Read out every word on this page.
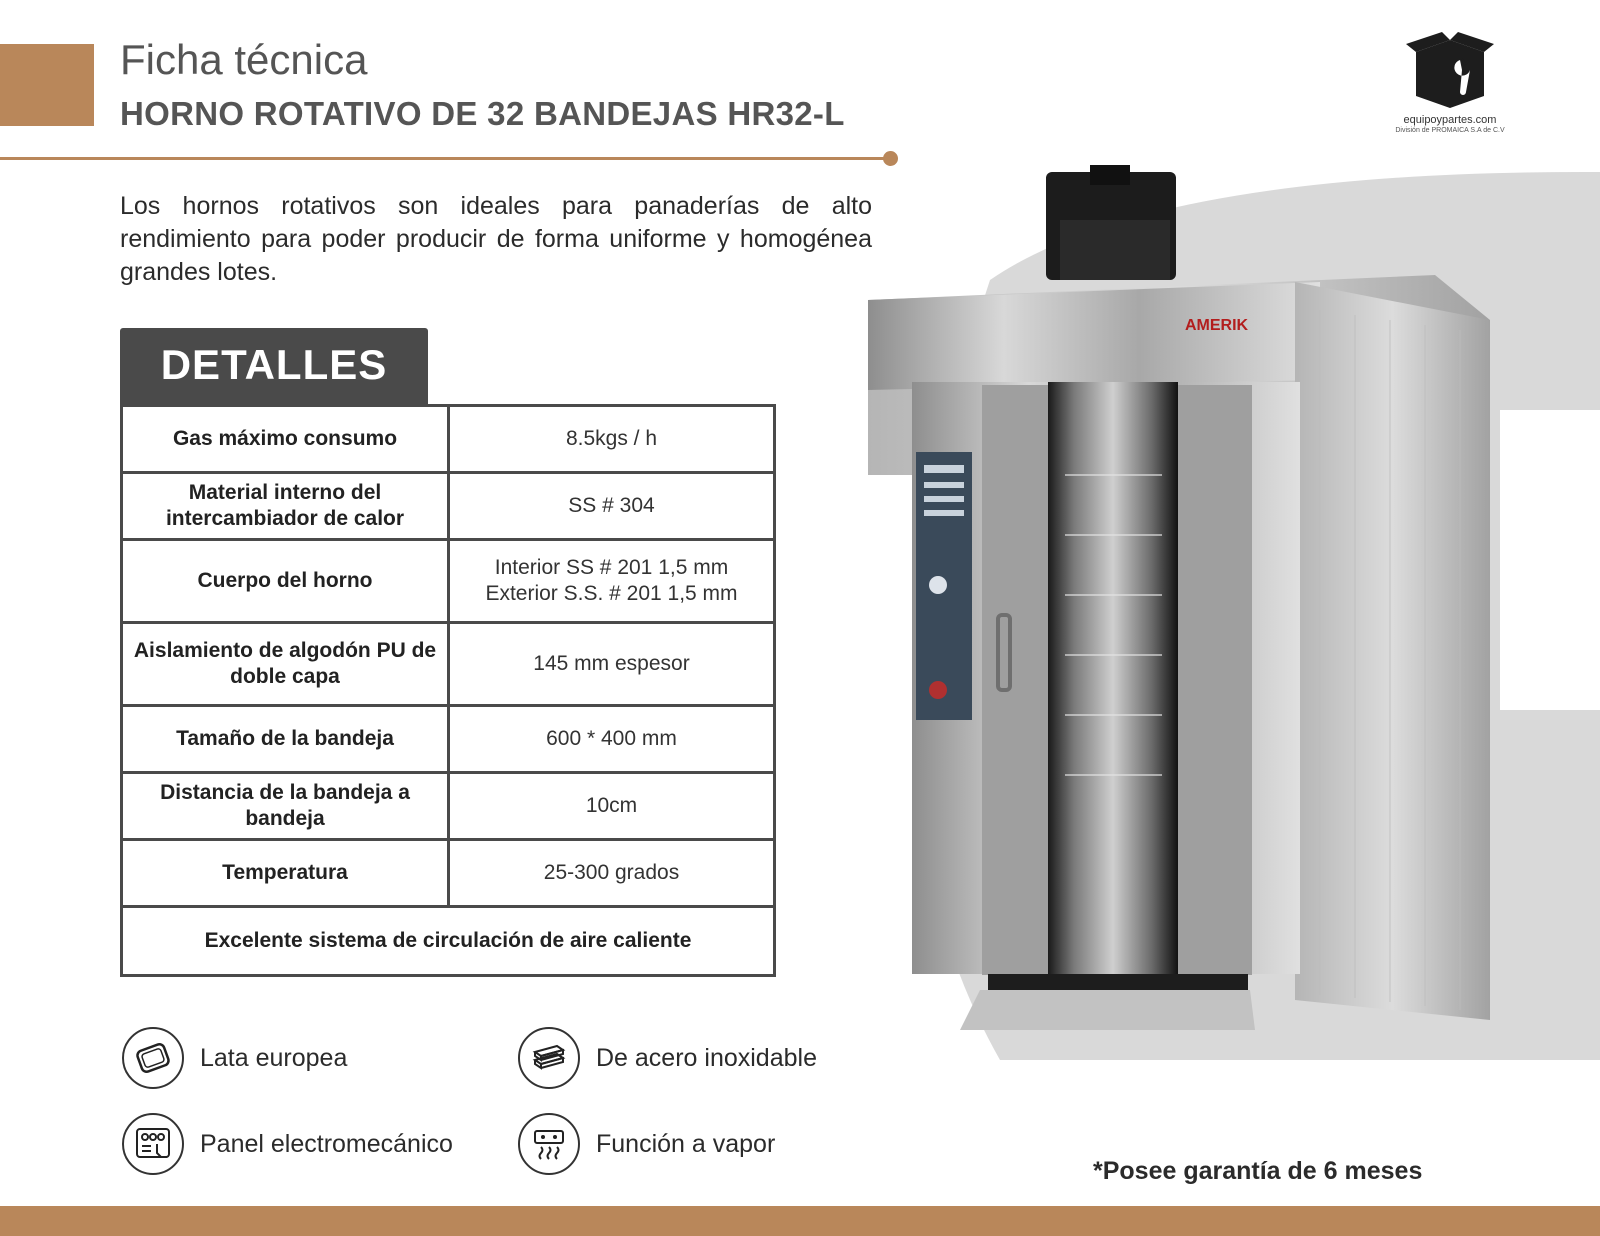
Ficha técnica
HORNO ROTATIVO DE 32 BANDEJAS HR32-L	equipoypartes.com
División de PROMAICA S.A de C.V

Los hornos rotativos son ideales para panaderías de alto rendimiento para poder producir de forma uniforme y homogénea grandes lotes.

DETALLES
Gas máximo consumo	8.5kgs / h
Material interno del intercambiador de calor	SS # 304
Cuerpo del horno	Interior SS # 201 1,5 mm Exterior S.S. # 201 1,5 mm
Aislamiento de algodón PU de doble capa	145 mm espesor
Tamaño de la bandeja	600 * 400 mm
Distancia de la bandeja a bandeja	10cm
Temperatura	25-300 grados
Excelente sistema de circulación de aire caliente	
Lata europea	De acero inoxidable
Panel electromecánico	Función a vapor
AMERIK
*Posee garantía de 6 meses
